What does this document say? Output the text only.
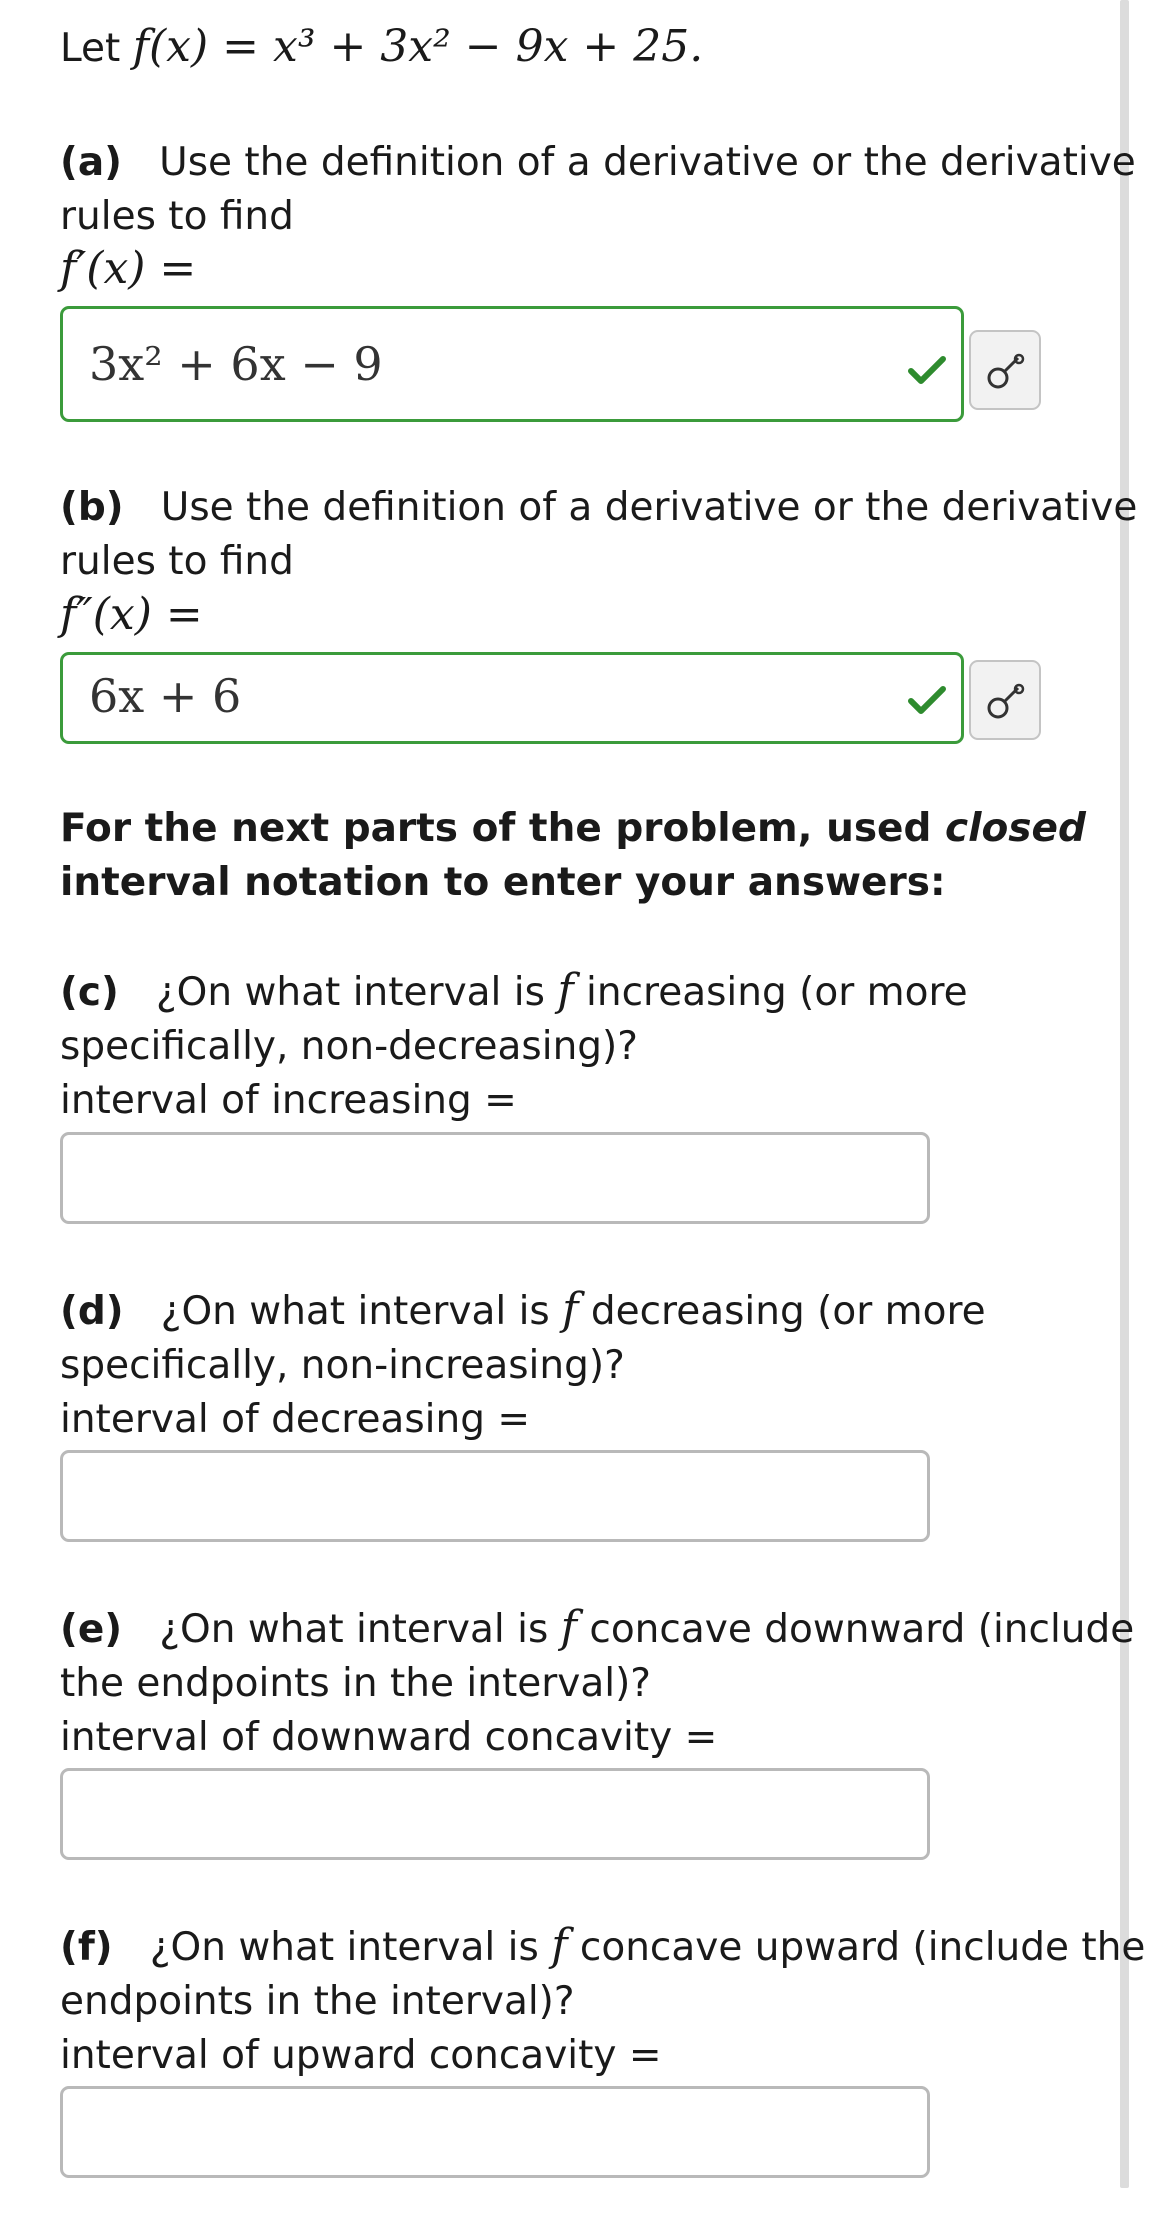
Let f(x) = x³ + 3x² − 9x + 25.
(a) Use the definition of a derivative or the derivative
rules to find
f′(x) =
3x² + 6x − 9
(b) Use the definition of a derivative or the derivative
rules to find
f″(x) =
6x + 6
For the next parts of the problem, used closed
interval notation to enter your answers:
(c) ¿On what interval is f increasing (or more
specifically, non-decreasing)?
interval of increasing =
(d) ¿On what interval is f decreasing (or more
specifically, non-increasing)?
interval of decreasing =
(e) ¿On what interval is f concave downward (include
the endpoints in the interval)?
interval of downward concavity =
(f) ¿On what interval is f concave upward (include the
endpoints in the interval)?
interval of upward concavity =
